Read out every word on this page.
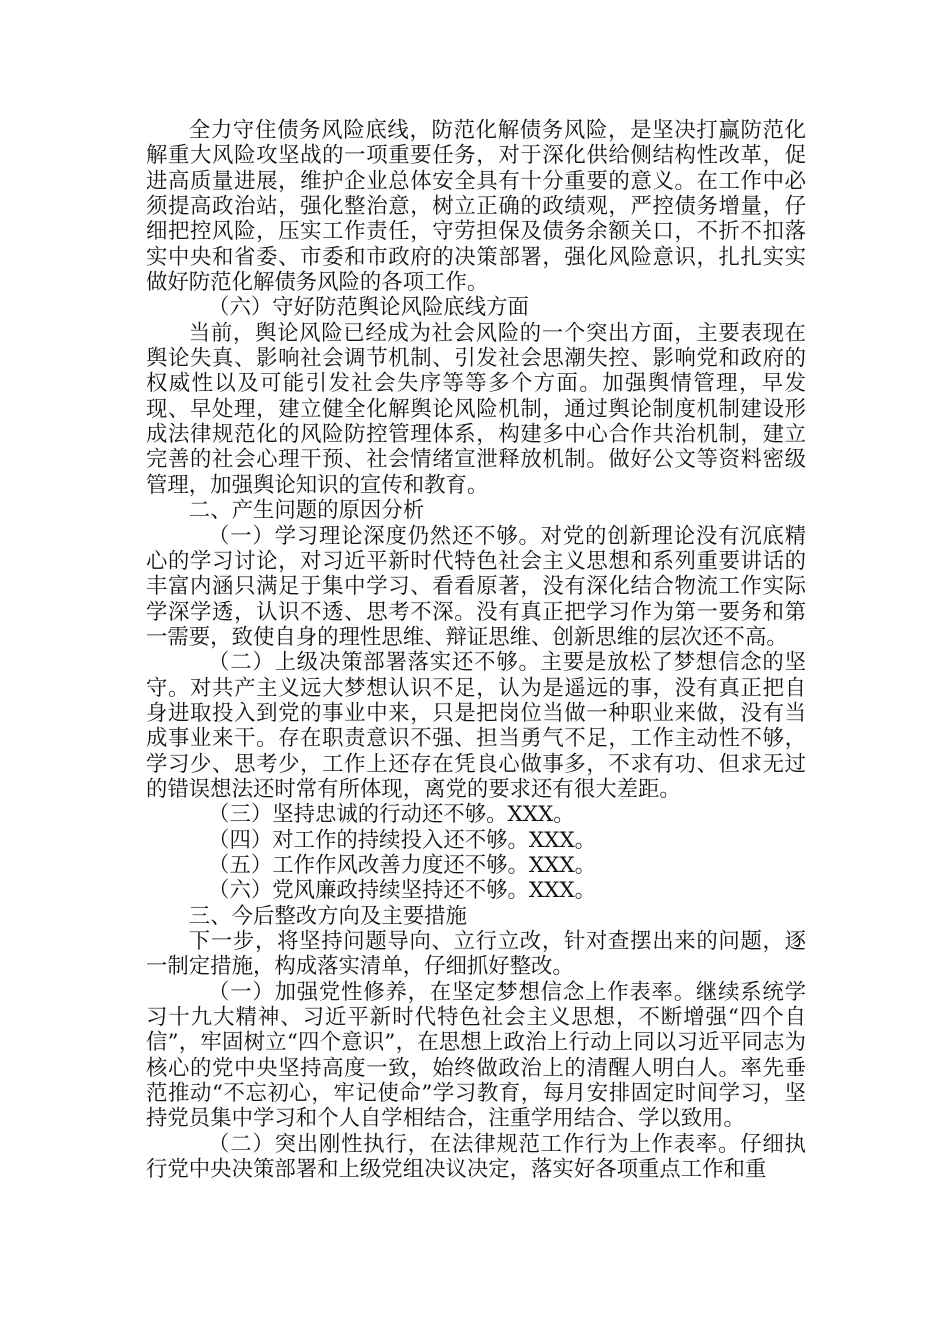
全力守住债务风险底线，防范化解债务风险，是坚决打赢防范化解重大风险攻坚战的一项重要任务，对于深化供给侧结构性改革，促进高质量进展，维护企业总体安全具有十分重要的意义。在工作中必须提高政治站，强化整治意，树立正确的政绩观，严控债务增量，仔细把控风险，压实工作责任，守劳担保及债务余额关口，不折不扣落实中央和省委、市委和市政府的决策部署，强化风险意识，扎扎实实做好防范化解债务风险的各项工作。

（六）守好防范舆论风险底线方面

当前，舆论风险已经成为社会风险的一个突出方面，主要表现在舆论失真、影响社会调节机制、引发社会思潮失控、影响党和政府的权威性以及可能引发社会失序等等多个方面。加强舆情管理，早发现、早处理，建立健全化解舆论风险机制，通过舆论制度机制建设形成法律规范化的风险防控管理体系，构建多中心合作共治机制，建立完善的社会心理干预、社会情绪宣泄释放机制。做好公文等资料密级管理，加强舆论知识的宣传和教育。

二、产生问题的原因分析

（一）学习理论深度仍然还不够。对党的创新理论没有沉底精心的学习讨论，对习近平新时代特色社会主义思想和系列重要讲话的丰富内涵只满足于集中学习、看看原著，没有深化结合物流工作实际学深学透，认识不透、思考不深。没有真正把学习作为第一要务和第一需要，致使自身的理性思维、辩证思维、创新思维的层次还不高。

（二）上级决策部署落实还不够。主要是放松了梦想信念的坚守。对共产主义远大梦想认识不足，认为是遥远的事，没有真正把自身进取投入到党的事业中来，只是把岗位当做一种职业来做，没有当成事业来干。存在职责意识不强、担当勇气不足，工作主动性不够，学习少、思考少，工作上还存在凭良心做事多，不求有功、但求无过的错误想法还时常有所体现，离党的要求还有很大差距。

（三）坚持忠诚的行动还不够。XXX。

（四）对工作的持续投入还不够。XXX。

（五）工作作风改善力度还不够。XXX。

（六）党风廉政持续坚持还不够。XXX。

三、今后整改方向及主要措施

下一步，将坚持问题导向、立行立改，针对查摆出来的问题，逐一制定措施，构成落实清单，仔细抓好整改。

（一）加强党性修养，在坚定梦想信念上作表率。继续系统学习十九大精神、习近平新时代特色社会主义思想，不断增强“四个自信”，牢固树立“四个意识”，在思想上政治上行动上同以习近平同志为核心的党中央坚持高度一致，始终做政治上的清醒人明白人。率先垂范推动“不忘初心，牢记使命”学习教育，每月安排固定时间学习，坚持党员集中学习和个人自学相结合，注重学用结合、学以致用。

（二）突出刚性执行，在法律规范工作行为上作表率。仔细执行党中央决策部署和上级党组决议决定，落实好各项重点工作和重
